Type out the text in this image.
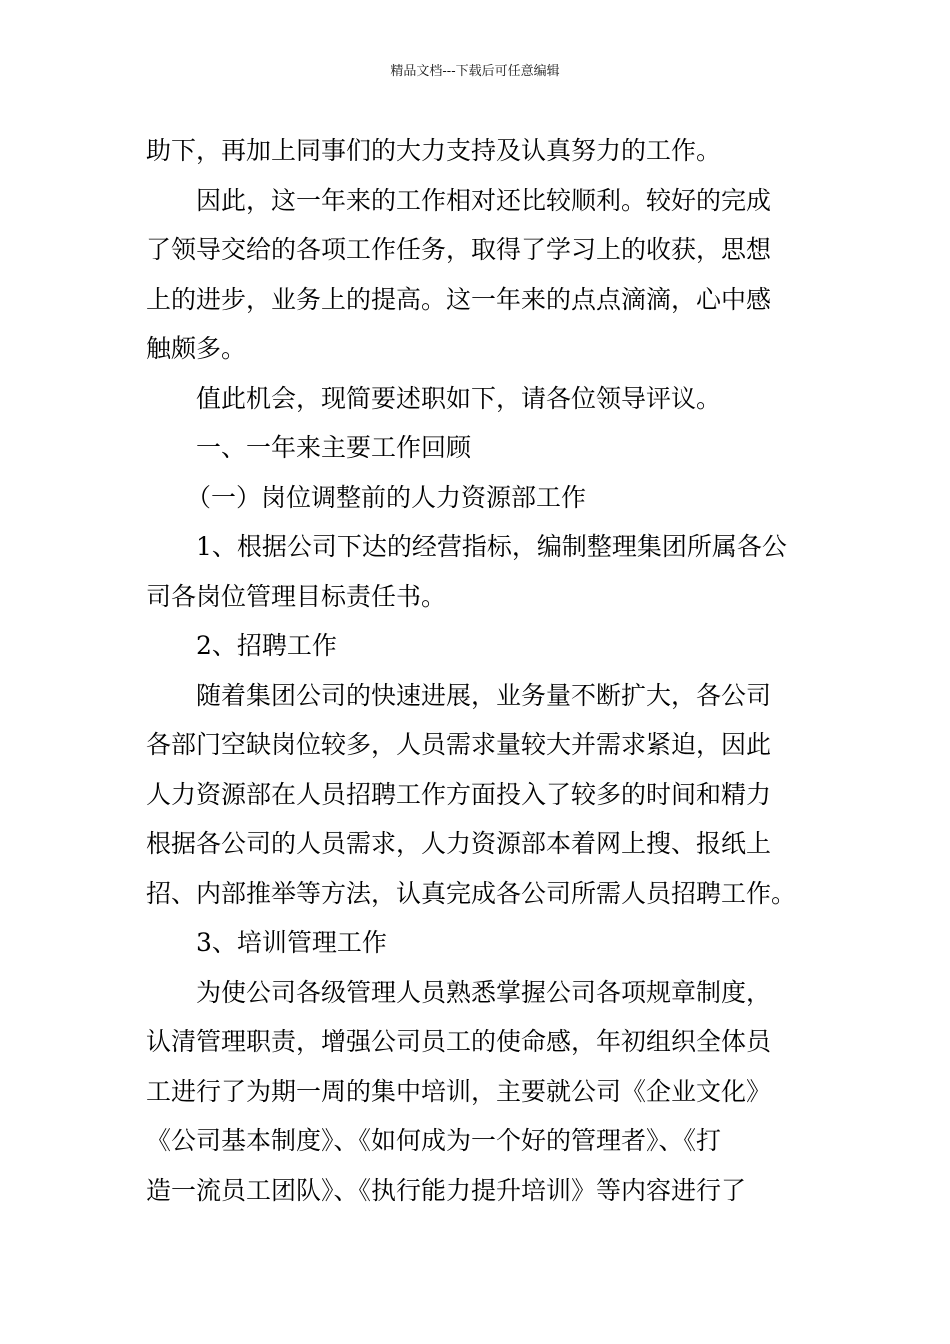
精品文档---下载后可任意编辑

助下，再加上同事们的大力支持及认真努力的工作。

因此，这一年来的工作相对还比较顺利。较好的完成

了领导交给的各项工作任务，取得了学习上的收获，思想

上的进步，业务上的提高。这一年来的点点滴滴，心中感

触颇多。

值此机会，现简要述职如下，请各位领导评议。

一、一年来主要工作回顾

（一）岗位调整前的人力资源部工作

1、根据公司下达的经营指标，编制整理集团所属各公

司各岗位管理目标责任书。

2、招聘工作

随着集团公司的快速进展，业务量不断扩大，各公司

各部门空缺岗位较多，人员需求量较大并需求紧迫，因此

人力资源部在人员招聘工作方面投入了较多的时间和精力

根据各公司的人员需求，人力资源部本着网上搜、报纸上

招、内部推举等方法，认真完成各公司所需人员招聘工作。

3、培训管理工作

为使公司各级管理人员熟悉掌握公司各项规章制度，

认清管理职责，增强公司员工的使命感，年初组织全体员

工进行了为期一周的集中培训，主要就公司《企业文化》

《公司基本制度》、《如何成为一个好的管理者》、《打

造一流员工团队》、《执行能力提升培训》等内容进行了
